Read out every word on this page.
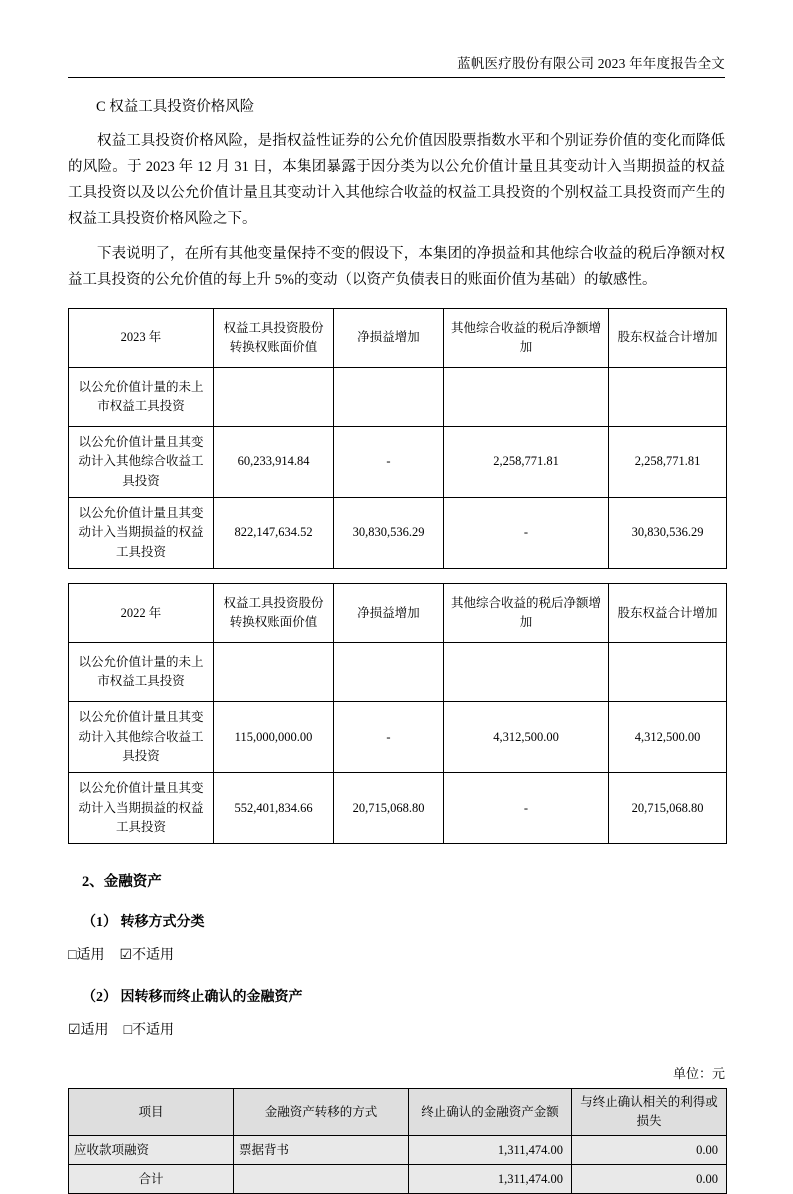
蓝帆医疗股份有限公司 2023 年年度报告全文
C 权益工具投资价格风险

权益工具投资价格风险，是指权益性证券的公允价值因股票指数水平和个别证券价值的变化而降低的风险。于 2023 年 12 月 31 日，本集团暴露于因分类为以公允价值计量且其变动计入当期损益的权益工具投资以及以公允价值计量且其变动计入其他综合收益的权益工具投资的个别权益工具投资而产生的权益工具投资价格风险之下。

下表说明了，在所有其他变量保持不变的假设下，本集团的净损益和其他综合收益的税后净额对权益工具投资的公允价值的每上升 5%的变动（以资产负债表日的账面价值为基础）的敏感性。

2023 年	权益工具投资股份转换权账面价值	净损益增加	其他综合收益的税后净额增加	股东权益合计增加
以公允价值计量的未上市权益工具投资				
以公允价值计量且其变动计入其他综合收益工具投资	60,233,914.84	-	2,258,771.81	2,258,771.81
以公允价值计量且其变动计入当期损益的权益工具投资	822,147,634.52	30,830,536.29	-	30,830,536.29
2022 年	权益工具投资股份转换权账面价值	净损益增加	其他综合收益的税后净额增加	股东权益合计增加
以公允价值计量的未上市权益工具投资				
以公允价值计量且其变动计入其他综合收益工具投资	115,000,000.00	-	4,312,500.00	4,312,500.00
以公允价值计量且其变动计入当期损益的权益工具投资	552,401,834.66	20,715,068.80	-	20,715,068.80
2、金融资产
（1） 转移方式分类

□适用 ☑不适用

（2） 因转移而终止确认的金融资产

☑适用 □不适用

单位：元
项目	金融资产转移的方式	终止确认的金融资产金额	与终止确认相关的利得或损失
应收款项融资	票据背书	1,311,474.00	0.00
合计		1,311,474.00	0.00
